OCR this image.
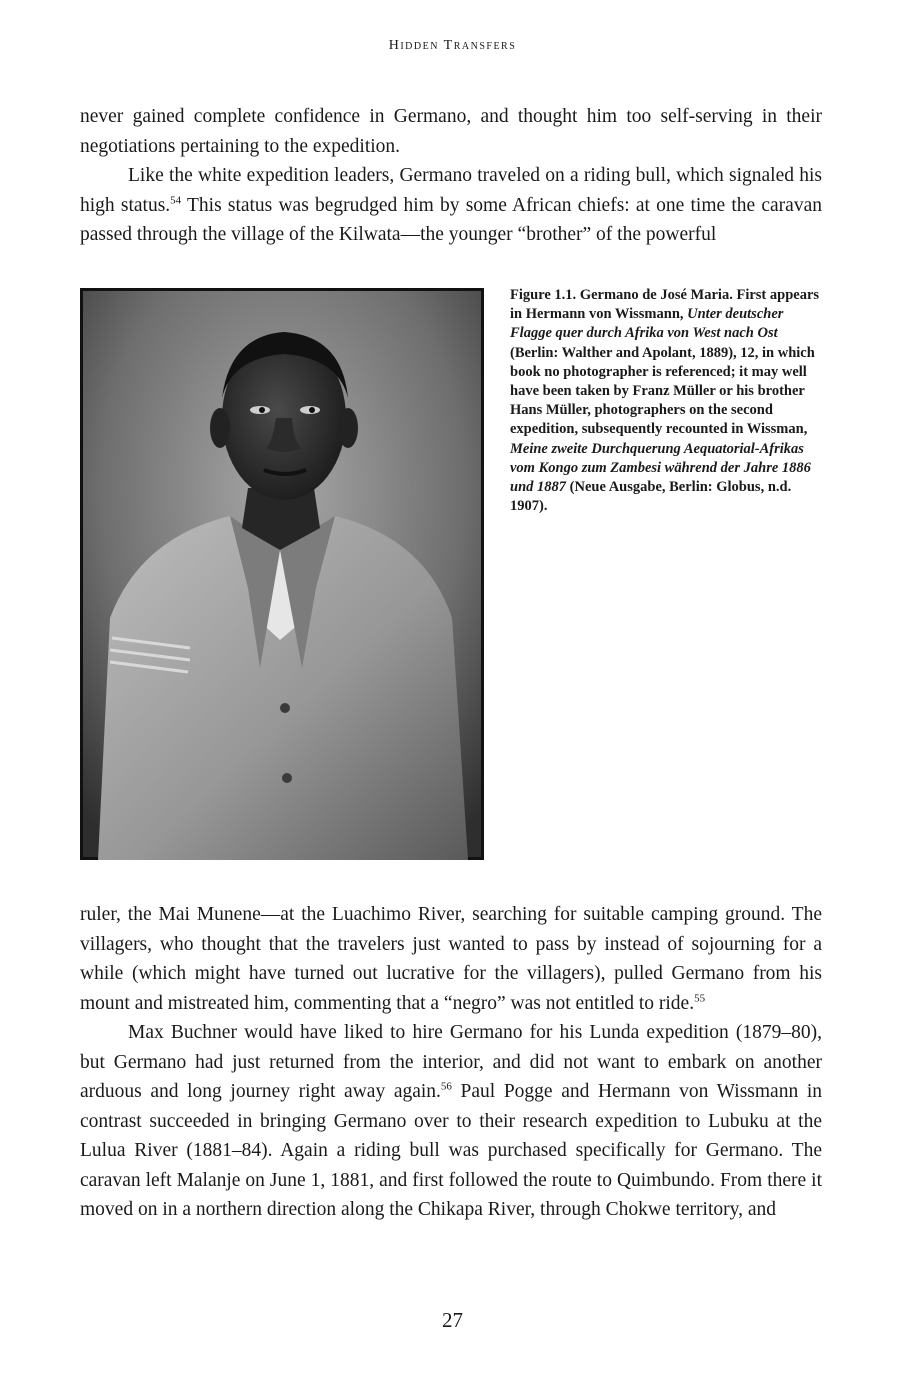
Hidden Transfers

never gained complete confidence in Germano, and thought him too self-serving in their negotiations pertaining to the expedition.

Like the white expedition leaders, Germano traveled on a riding bull, which signaled his high status.$^{54}$ This status was begrudged him by some African chiefs: at one time the caravan passed through the village of the Kilwata—the younger “brother” of the powerful

Figure 1.1. Germano de José Maria. First appears in Hermann von Wissmann, Unter deutscher Flagge quer durch Afrika von West nach Ost (Berlin: Walther and Apolant, 1889), 12, in which book no photographer is referenced; it may well have been taken by Franz Müller or his brother Hans Müller, photographers on the second expedition, subsequently recounted in Wissman, Meine zweite Durchquerung Aequatorial-Afrikas vom Kongo zum Zambesi während der Jahre 1886 und 1887 (Neue Ausgabe, Berlin: Globus, n.d. 1907).

ruler, the Mai Munene—at the Luachimo River, searching for suitable camping ground. The villagers, who thought that the travelers just wanted to pass by instead of sojourning for a while (which might have turned out lucrative for the villagers), pulled Germano from his mount and mistreated him, commenting that a “negro” was not entitled to ride.$^{55}$

Max Buchner would have liked to hire Germano for his Lunda expedition (1879–80), but Germano had just returned from the interior, and did not want to embark on another arduous and long journey right away again.$^{56}$ Paul Pogge and Hermann von Wissmann in contrast succeeded in bringing Germano over to their research expedition to Lubuku at the Lulua River (1881–84). Again a riding bull was purchased specifically for Germano. The caravan left Malanje on June 1, 1881, and first followed the route to Quimbundo. From there it moved on in a northern direction along the Chikapa River, through Chokwe territory, and

27
